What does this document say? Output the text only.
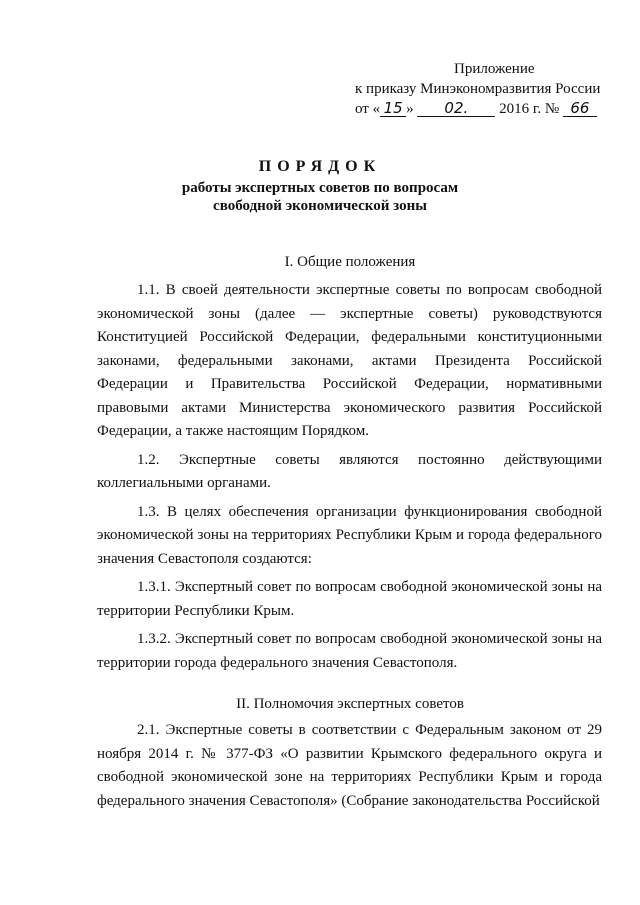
Приложение
к приказу Минэкономразвития России
от « 15 » 02. 2016 г. № 66
ПОРЯДОК
работы экспертных советов по вопросам
свободной экономической зоны
I. Общие положения

1.1. В своей деятельности экспертные советы по вопросам свободной экономической зоны (далее — экспертные советы) руководствуются Конституцией Российской Федерации, федеральными конституционными законами, федеральными законами, актами Президента Российской Федерации и Правительства Российской Федерации, нормативными правовыми актами Министерства экономического развития Российской Федерации, а также настоящим Порядком.

1.2. Экспертные советы являются постоянно действующими коллегиальными органами.

1.3. В целях обеспечения организации функционирования свободной экономической зоны на территориях Республики Крым и города федерального значения Севастополя создаются:

1.3.1. Экспертный совет по вопросам свободной экономической зоны на территории Республики Крым.

1.3.2. Экспертный совет по вопросам свободной экономической зоны на территории города федерального значения Севастополя.

II. Полномочия экспертных советов

2.1. Экспертные советы в соответствии с Федеральным законом от 29 ноября 2014 г. № 377-ФЗ «О развитии Крымского федерального округа и свободной экономической зоне на территориях Республики Крым и города федерального значения Севастополя» (Собрание законодательства Российской
